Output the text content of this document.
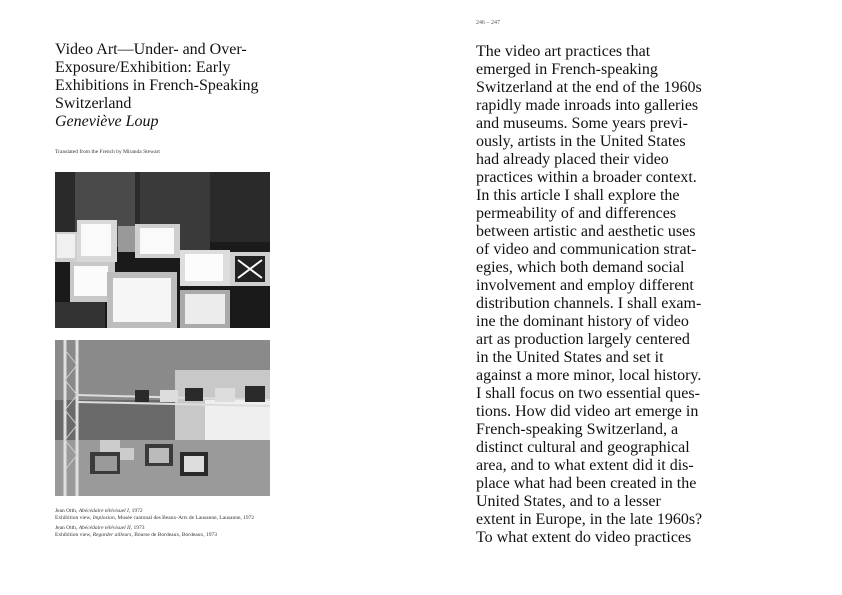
246 – 247
Video Art—Under- and Over-
Exposure/Exhibition: Early
Exhibitions in French-Speaking
Switzerland
Geneviève Loup
Translated from the French by Miranda Stewart
Jean Otth, Abécédaire télévisuel I, 1972
Exhibition view, Implosion, Musée cantonal des Beaux-Arts de Lausanne, Lausanne, 1972
Jean Otth, Abécédaire télévisuel II, 1973
Exhibition view, Regarder ailleurs, Bourse de Bordeaux, Bordeaux, 1973
The video art practices that
emerged in French-speaking
Switzerland at the end of the 1960s
rapidly made inroads into galleries
and museums. Some years previ-
ously, artists in the United States
had already placed their video
practices within a broader context.
In this article I shall explore the
permeability of and differences
between artistic and aesthetic uses
of video and communication strat-
egies, which both demand social
involvement and employ different
distribution channels. I shall exam-
ine the dominant history of video
art as production largely centered
in the United States and set it
against a more minor, local history.
I shall focus on two essential ques-
tions. How did video art emerge in
French-speaking Switzerland, a
distinct cultural and geographical
area, and to what extent did it dis-
place what had been created in the
United States, and to a lesser
extent in Europe, in the late 1960s?
To what extent do video practices
